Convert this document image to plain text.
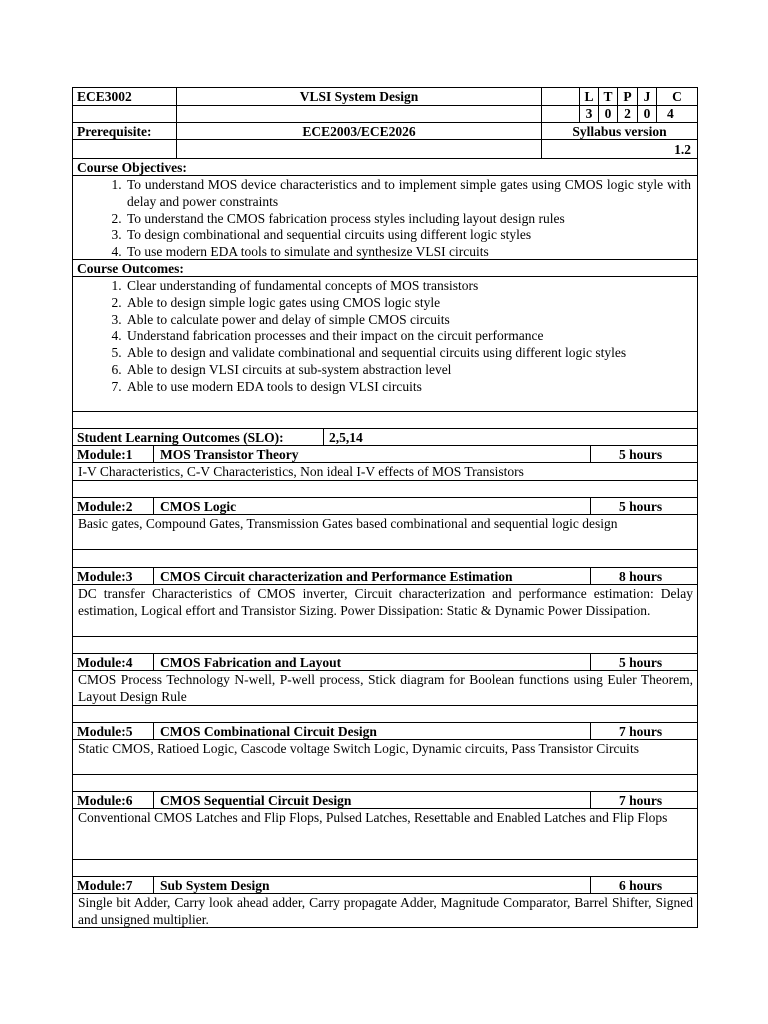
ECE3002	VLSI System Design	L T P J	C
3 0 2 0	4
Prerequisite:	ECE2003/ECE2026	Syllabus version
1.2
Course Objectives:
1. To understand MOS device characteristics and to implement simple gates using CMOS logic style with delay and power constraints
2. To understand the CMOS fabrication process styles including layout design rules
3. To design combinational and sequential circuits using different logic styles
4. To use modern EDA tools to simulate and synthesize VLSI circuits
Course Outcomes:
1. Clear understanding of fundamental concepts of MOS transistors
2. Able to design simple logic gates using CMOS logic style
3. Able to calculate power and delay of simple CMOS circuits
4. Understand fabrication processes and their impact on the circuit performance
5. Able to design and validate combinational and sequential circuits using different logic styles
6. Able to design VLSI circuits at sub-system abstraction level
7. Able to use modern EDA tools to design VLSI circuits
Student Learning Outcomes (SLO):	2,5,14
Module:1	MOS Transistor Theory	5 hours
I-V Characteristics, C-V Characteristics, Non ideal I-V effects of MOS Transistors
Module:2	CMOS Logic	5 hours
Basic gates, Compound Gates, Transmission Gates based combinational and sequential logic design
Module:3	CMOS Circuit characterization and Performance Estimation	8 hours
DC transfer Characteristics of CMOS inverter, Circuit characterization and performance estimation: Delay estimation, Logical effort and Transistor Sizing. Power Dissipation: Static & Dynamic Power Dissipation.
Module:4	CMOS Fabrication and Layout	5 hours
CMOS Process Technology N-well, P-well process, Stick diagram for Boolean functions using Euler Theorem, Layout Design Rule
Module:5	CMOS Combinational Circuit Design	7 hours
Static CMOS, Ratioed Logic, Cascode voltage Switch Logic, Dynamic circuits, Pass Transistor Circuits
Module:6	CMOS Sequential Circuit Design	7 hours
Conventional CMOS Latches and Flip Flops, Pulsed Latches, Resettable and Enabled Latches and Flip Flops
Module:7	Sub System Design	6 hours
Single bit Adder, Carry look ahead adder, Carry propagate Adder, Magnitude Comparator, Barrel Shifter, Signed and unsigned multiplier.
